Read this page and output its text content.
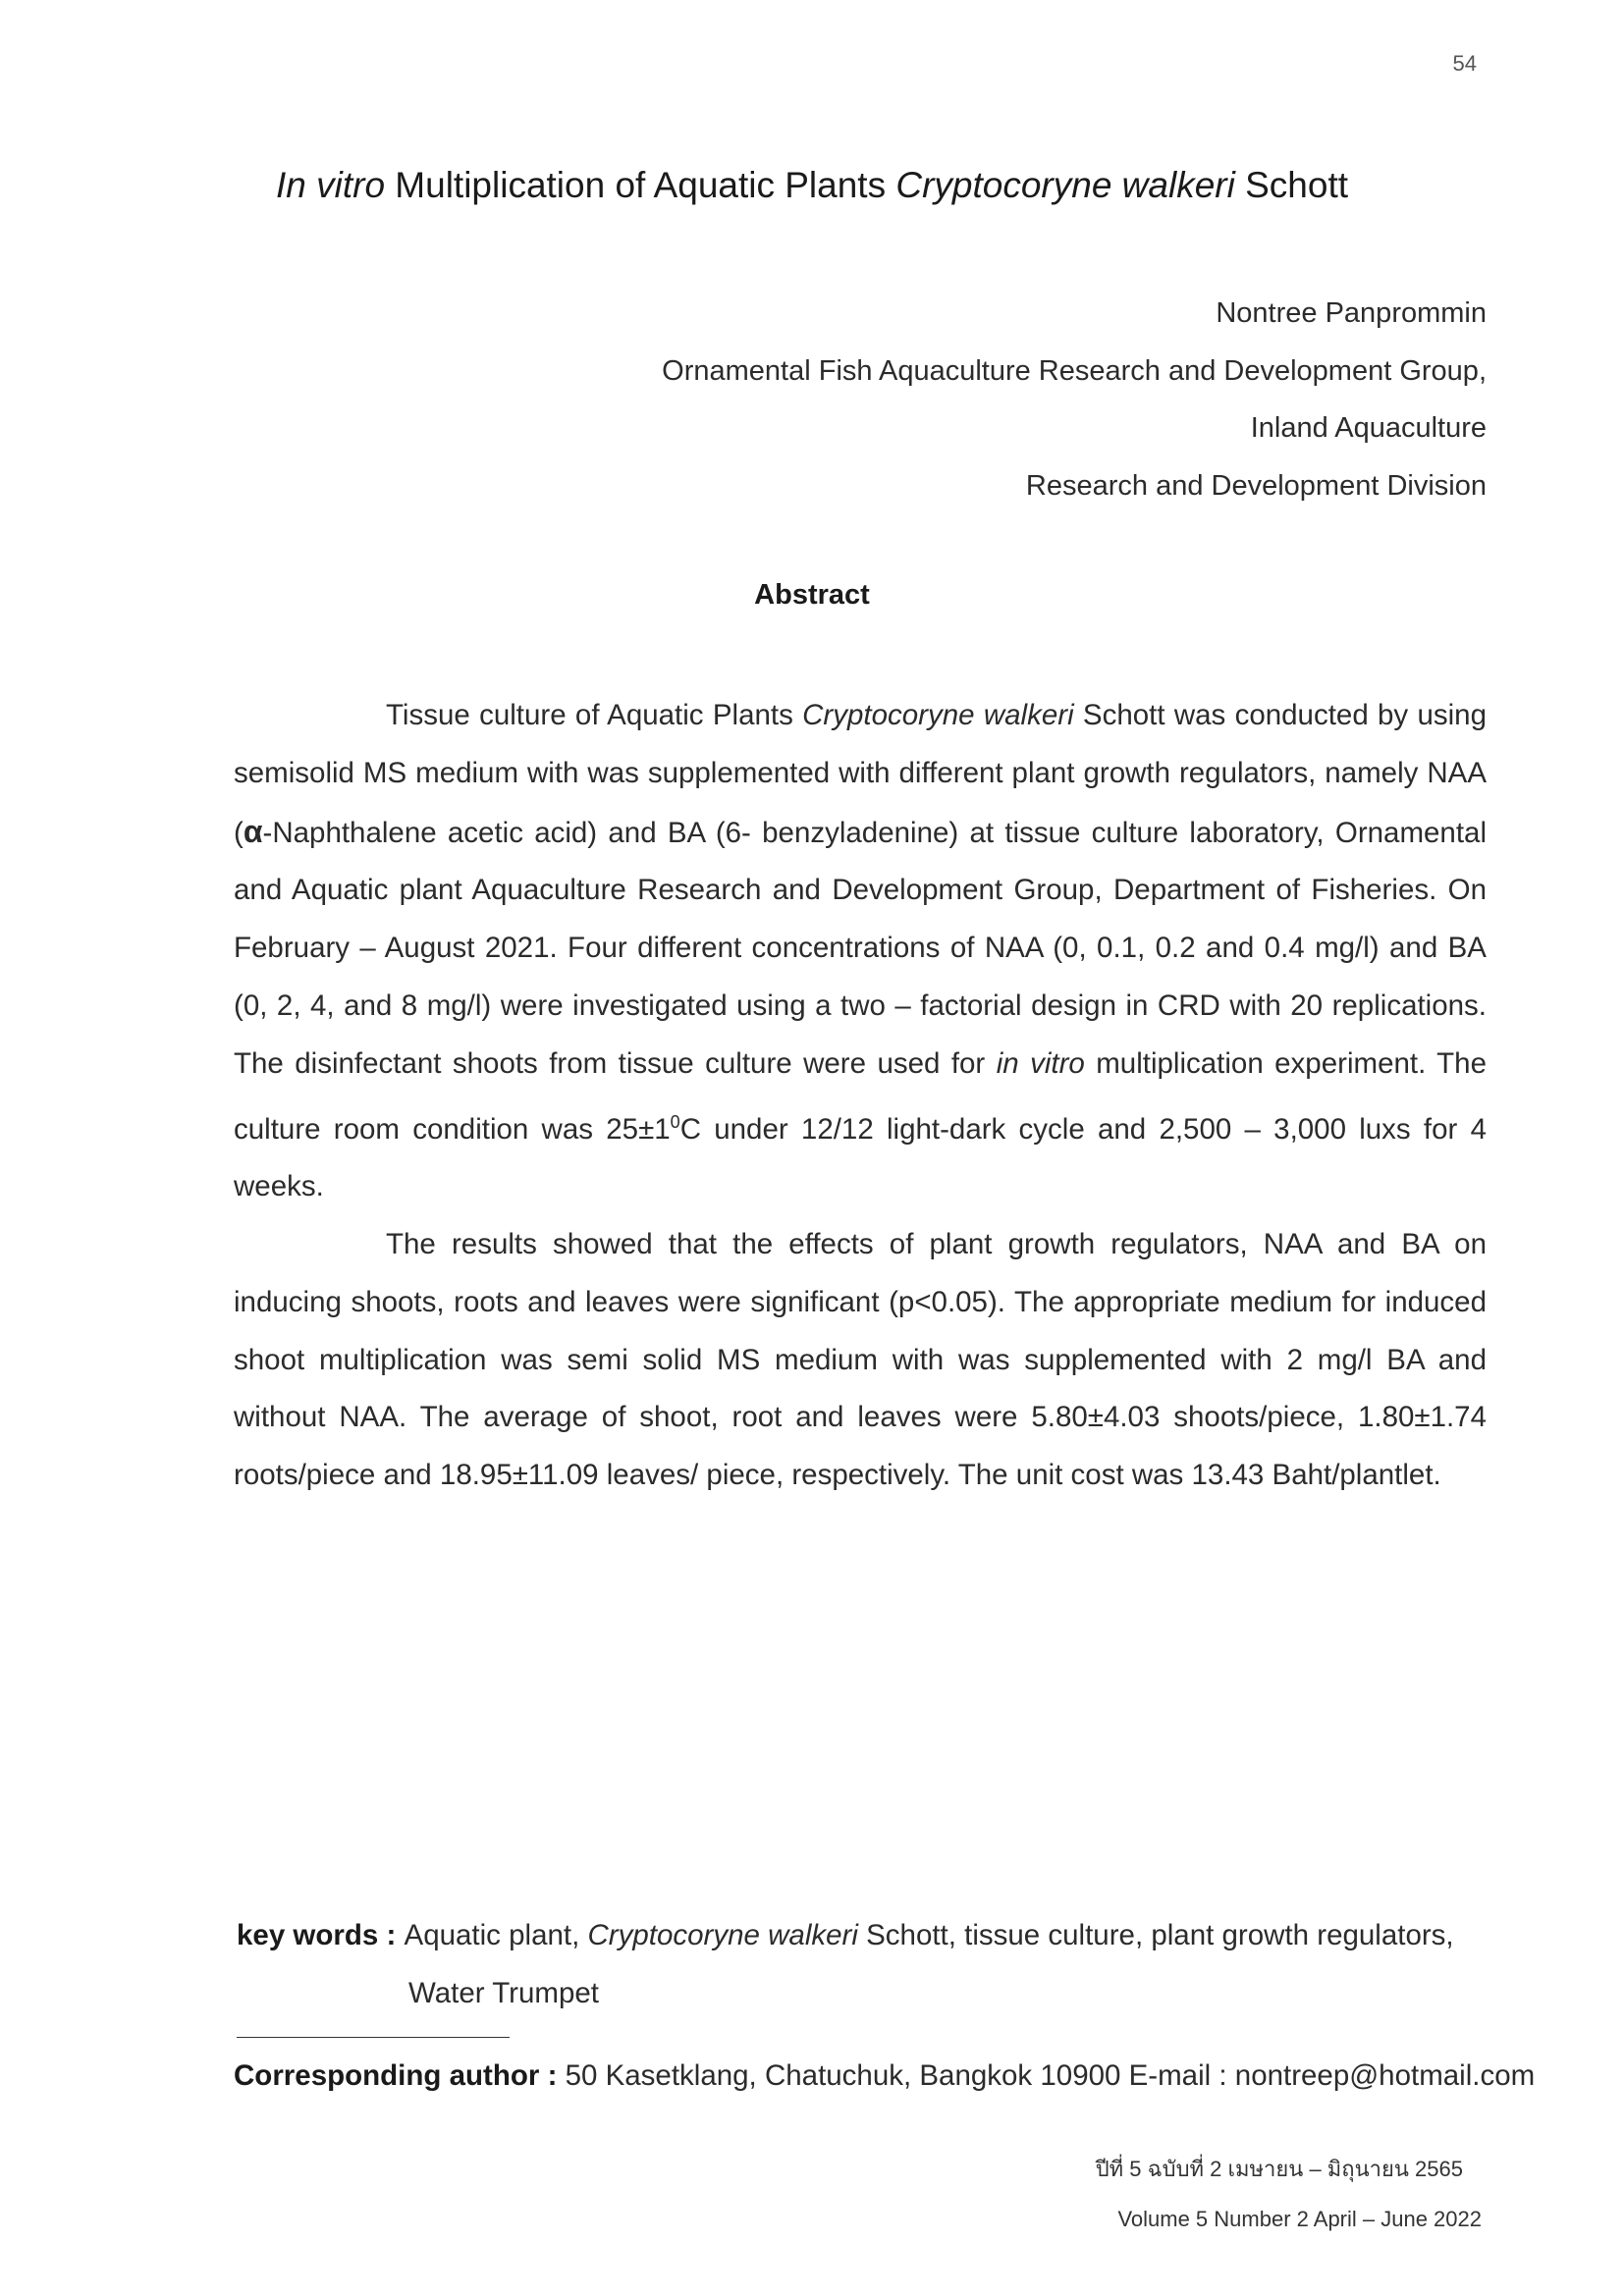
54
In vitro Multiplication of Aquatic Plants Cryptocoryne walkeri Schott
Nontree Panprommin
Ornamental Fish Aquaculture Research and Development Group,
Inland Aquaculture
Research and Development Division
Abstract

Tissue culture of Aquatic Plants Cryptocoryne walkeri Schott was conducted by using semisolid MS medium with was supplemented with different plant growth regulators, namely NAA (α-Naphthalene acetic acid) and BA (6- benzyladenine) at tissue culture laboratory, Ornamental and Aquatic plant Aquaculture Research and Development Group, Department of Fisheries. On February – August 2021. Four different concentrations of NAA (0, 0.1, 0.2 and 0.4 mg/l) and BA (0, 2, 4, and 8 mg/l) were investigated using a two – factorial design in CRD with 20 replications. The disinfectant shoots from tissue culture were used for in vitro multiplication experiment. The culture room condition was $25\pm 1^0C$ under 12/12 light-dark cycle and 2,500 – 3,000 luxs for 4 weeks.

The results showed that the effects of plant growth regulators, NAA and BA on inducing shoots, roots and leaves were significant (p<0.05). The appropriate medium for induced shoot multiplication was semi solid MS medium with was supplemented with 2 mg/l BA and without NAA. The average of shoot, root and leaves were 5.80±4.03 shoots/piece, 1.80±1.74 roots/piece and 18.95±11.09 leaves/ piece, respectively. The unit cost was 13.43 Baht/plantlet.

key words : Aquatic plant, Cryptocoryne walkeri Schott, tissue culture, plant growth regulators,
Water Trumpet
Corresponding author : 50 Kasetklang, Chatuchuk, Bangkok 10900 E-mail : nontreep@hotmail.com
ปีที่ 5 ฉบับที่ 2 เมษายน – มิถุนายน 2565
Volume 5 Number 2 April – June 2022
